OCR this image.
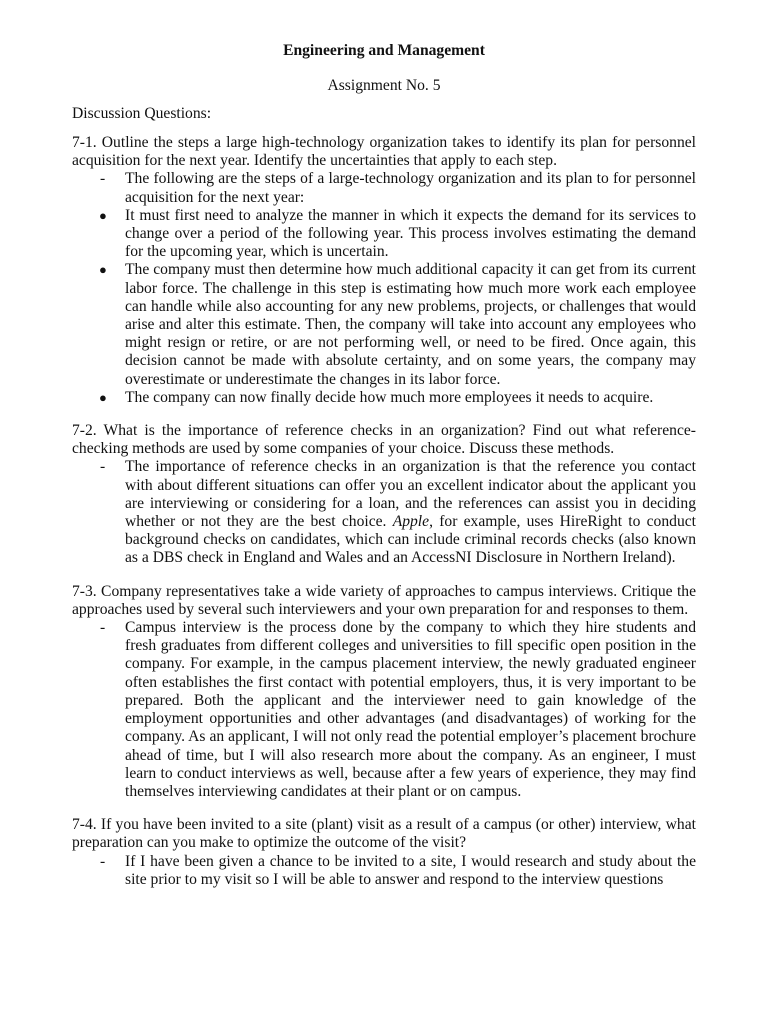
Engineering and Management
Assignment No. 5
Discussion Questions:
7-1. Outline the steps a large high-technology organization takes to identify its plan for personnel acquisition for the next year. Identify the uncertainties that apply to each step.
- The following are the steps of a large-technology organization and its plan to for personnel acquisition for the next year:
● It must first need to analyze the manner in which it expects the demand for its services to change over a period of the following year. This process involves estimating the demand for the upcoming year, which is uncertain.
● The company must then determine how much additional capacity it can get from its current labor force. The challenge in this step is estimating how much more work each employee can handle while also accounting for any new problems, projects, or challenges that would arise and alter this estimate. Then, the company will take into account any employees who might resign or retire, or are not performing well, or need to be fired. Once again, this decision cannot be made with absolute certainty, and on some years, the company may overestimate or underestimate the changes in its labor force.
● The company can now finally decide how much more employees it needs to acquire.
7-2. What is the importance of reference checks in an organization? Find out what reference-checking methods are used by some companies of your choice. Discuss these methods.
- The importance of reference checks in an organization is that the reference you contact with about different situations can offer you an excellent indicator about the applicant you are interviewing or considering for a loan, and the references can assist you in deciding whether or not they are the best choice. Apple, for example, uses HireRight to conduct background checks on candidates, which can include criminal records checks (also known as a DBS check in England and Wales and an AccessNI Disclosure in Northern Ireland).
7-3. Company representatives take a wide variety of approaches to campus interviews. Critique the approaches used by several such interviewers and your own preparation for and responses to them.
- Campus interview is the process done by the company to which they hire students and fresh graduates from different colleges and universities to fill specific open position in the company. For example, in the campus placement interview, the newly graduated engineer often establishes the first contact with potential employers, thus, it is very important to be prepared. Both the applicant and the interviewer need to gain knowledge of the employment opportunities and other advantages (and disadvantages) of working for the company. As an applicant, I will not only read the potential employer’s placement brochure ahead of time, but I will also research more about the company. As an engineer, I must learn to conduct interviews as well, because after a few years of experience, they may find themselves interviewing candidates at their plant or on campus.
7-4. If you have been invited to a site (plant) visit as a result of a campus (or other) interview, what preparation can you make to optimize the outcome of the visit?
- If I have been given a chance to be invited to a site, I would research and study about the site prior to my visit so I will be able to answer and respond to the interview questions
